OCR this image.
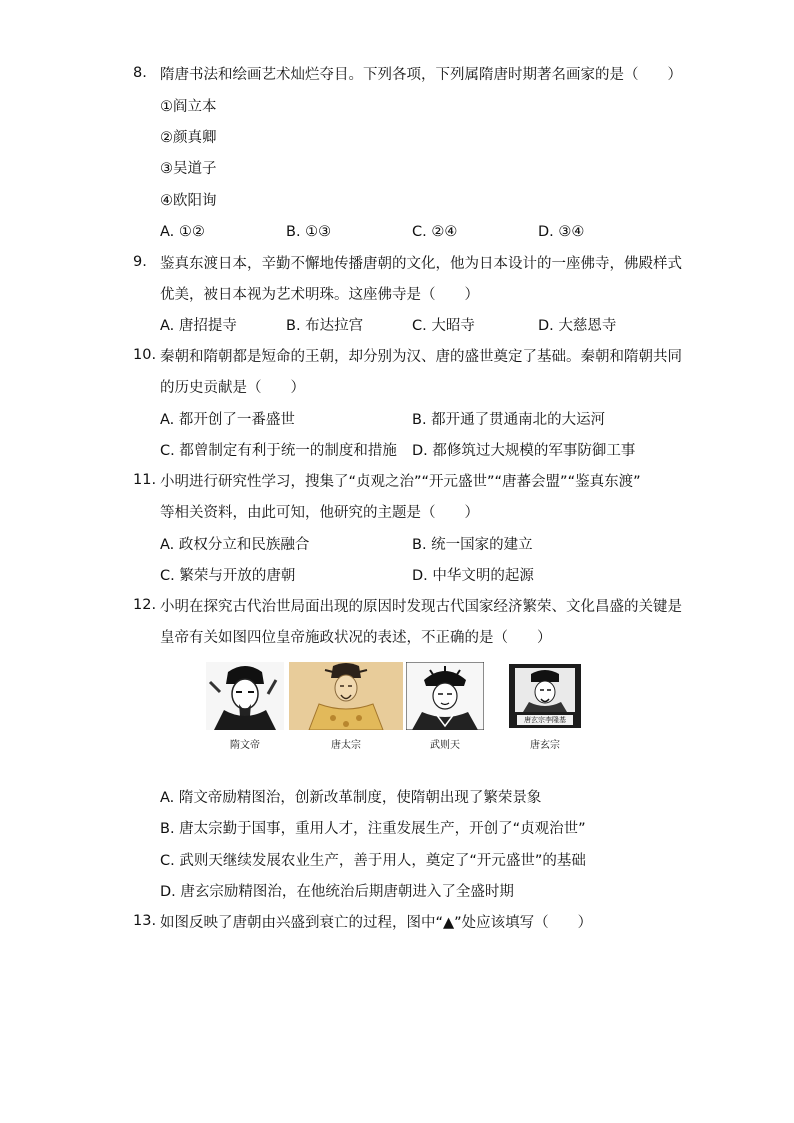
8. 隋唐书法和绘画艺术灿烂夺目。下列各项，下列属隋唐时期著名画家的是（　　）
①阎立本
②颜真卿
③吴道子
④欧阳询
A. ①②	B. ①③	C. ②④	D. ③④
9. 鉴真东渡日本，辛勤不懈地传播唐朝的文化，他为日本设计的一座佛寺，佛殿样式
优美，被日本视为艺术明珠。这座佛寺是（　　）
A. 唐招提寺	B. 布达拉宫	C. 大昭寺	D. 大慈恩寺
10. 秦朝和隋朝都是短命的王朝，却分别为汉、唐的盛世奠定了基础。秦朝和隋朝共同
的历史贡献是（　　）
A. 都开创了一番盛世	B. 都开通了贯通南北的大运河
C. 都曾制定有利于统一的制度和措施 D. 都修筑过大规模的军事防御工事
11. 小明进行研究性学习，搜集了“贞观之治”“开元盛世”“唐蕃会盟”“鉴真东渡”
等相关资料，由此可知，他研究的主题是（　　）
A. 政权分立和民族融合	B. 统一国家的建立
C. 繁荣与开放的唐朝	D. 中华文明的起源
12. 小明在探究古代治世局面出现的原因时发现古代国家经济繁荣、文化昌盛的关键是
皇帝有关如图四位皇帝施政状况的表述，不正确的是（　　）
隋文帝	唐太宗	武则天
唐玄宗李隆基
唐玄宗
A. 隋文帝励精图治，创新改革制度，使隋朝出现了繁荣景象
B. 唐太宗勤于国事，重用人才，注重发展生产，开创了“贞观治世”
C. 武则天继续发展农业生产，善于用人，奠定了“开元盛世”的基础
D. 唐玄宗励精图治，在他统治后期唐朝进入了全盛时期
13. 如图反映了唐朝由兴盛到衰亡的过程，图中“▲”处应该填写（　　）
